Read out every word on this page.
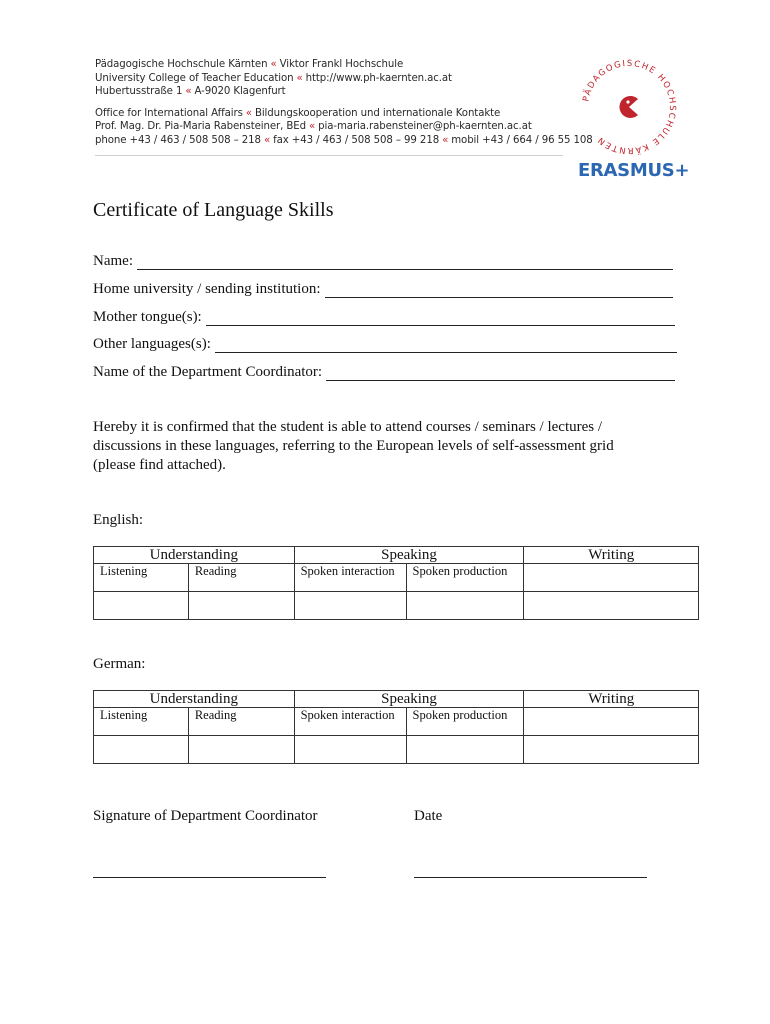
Pädagogische Hochschule Kärnten « Viktor Frankl Hochschule
University College of Teacher Education « http://www.ph-kaernten.ac.at
Hubertusstraße 1 « A-9020 Klagenfurt
Office for International Affairs « Bildungskooperation und internationale Kontakte
Prof. Mag. Dr. Pia-Maria Rabensteiner, BEd « pia-maria.rabensteiner@ph-kaernten.ac.at
phone +43 / 463 / 508 508 – 218 « fax +43 / 463 / 508 508 – 99 218 « mobil +43 / 664 / 96 55 108
PÄDAGOGISCHE HOCHSCHULE KÄRNTEN
ERASMUS+
Certificate of Language Skills
Name:
Home university / sending institution:
Mother tongue(s):
Other languages(s):
Name of the Department Coordinator:
Hereby it is confirmed that the student is able to attend courses / seminars / lectures /
discussions in these languages, referring to the European levels of self-assessment grid
(please find attached).
English:
Understanding		Speaking		Writing
Listening	Reading	Spoken interaction	Spoken production	

German:
Understanding		Speaking		Writing
Listening	Reading	Spoken interaction	Spoken production	

Signature of Department Coordinator	Date
